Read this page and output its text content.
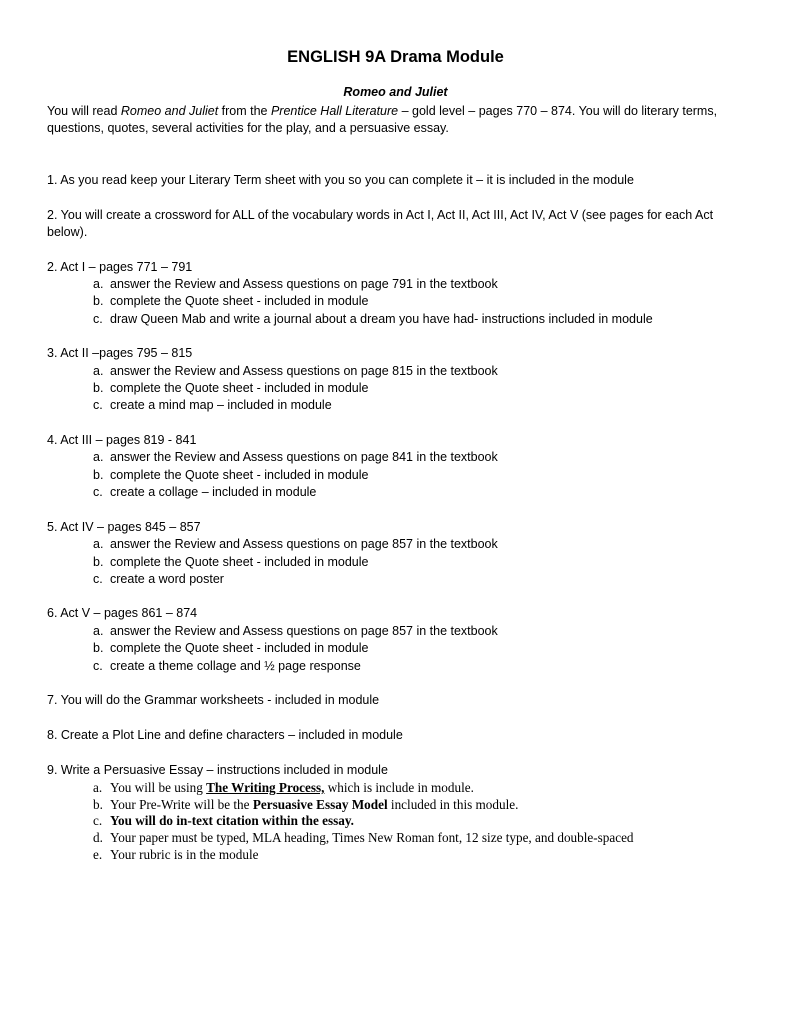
ENGLISH 9A Drama Module
Romeo and Juliet
You will read Romeo and Juliet from the Prentice Hall Literature – gold level – pages 770 – 874. You will do literary terms, questions, quotes, several activities for the play, and a persuasive essay.
1. As you read keep your Literary Term sheet with you so you can complete it – it is included in the module
2. You will create a crossword for ALL of the vocabulary words in Act I, Act II, Act III, Act IV, Act V (see pages for each Act below).
2. Act I – pages 771 – 791
a. answer the Review and Assess questions on page 791 in the textbook
b. complete the Quote sheet - included in module
c. draw Queen Mab and write a journal about a dream you have had- instructions included in module
3. Act II –pages 795 – 815
a. answer the Review and Assess questions on page 815 in the textbook
b. complete the Quote sheet - included in module
c. create a mind map – included in module
4. Act III – pages 819 - 841
a. answer the Review and Assess questions on page 841 in the textbook
b. complete the Quote sheet - included in module
c. create a collage – included in module
5. Act IV – pages 845 – 857
a. answer the Review and Assess questions on page 857 in the textbook
b. complete the Quote sheet - included in module
c. create a word poster
6. Act V – pages 861 – 874
a. answer the Review and Assess questions on page 857 in the textbook
b. complete the Quote sheet - included in module
c. create a theme collage and ½ page response
7. You will do the Grammar worksheets - included in module
8. Create a Plot Line and define characters – included in module
9. Write a Persuasive Essay – instructions included in module
a. You will be using The Writing Process, which is include in module.
b. Your Pre-Write will be the Persuasive Essay Model included in this module.
c. You will do in-text citation within the essay.
d. Your paper must be typed, MLA heading, Times New Roman font, 12 size type, and double-spaced
e. Your rubric is in the module
